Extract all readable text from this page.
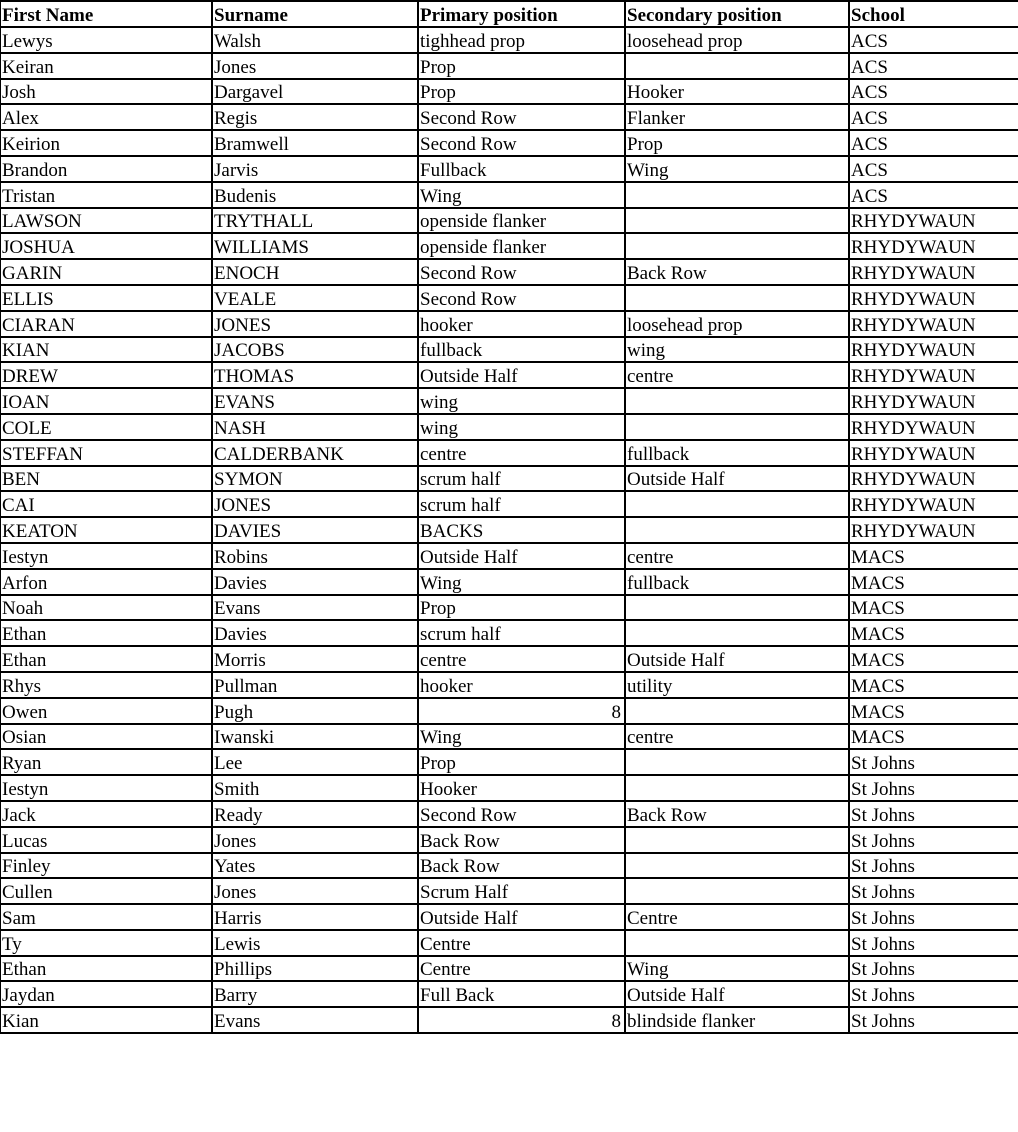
First Name	Surname	Primary position	Secondary position	School
Lewys	Walsh	tighhead prop	loosehead prop	ACS
Keiran	Jones	Prop		ACS
Josh	Dargavel	Prop	Hooker	ACS
Alex	Regis	Second Row	Flanker	ACS
Keirion	Bramwell	Second Row	Prop	ACS
Brandon	Jarvis	Fullback	Wing	ACS
Tristan	Budenis	Wing		ACS
LAWSON	TRYTHALL	openside flanker		RHYDYWAUN
JOSHUA	WILLIAMS	openside flanker		RHYDYWAUN
GARIN	ENOCH	Second Row	Back Row	RHYDYWAUN
ELLIS	VEALE	Second Row		RHYDYWAUN
CIARAN	JONES	hooker	loosehead prop	RHYDYWAUN
KIAN	JACOBS	fullback	wing	RHYDYWAUN
DREW	THOMAS	Outside Half	centre	RHYDYWAUN
IOAN	EVANS	wing		RHYDYWAUN
COLE	NASH	wing		RHYDYWAUN
STEFFAN	CALDERBANK	centre	fullback	RHYDYWAUN
BEN	SYMON	scrum half	Outside Half	RHYDYWAUN
CAI	JONES	scrum half		RHYDYWAUN
KEATON	DAVIES	BACKS		RHYDYWAUN
Iestyn	Robins	Outside Half	centre	MACS
Arfon	Davies	Wing	fullback	MACS
Noah	Evans	Prop		MACS
Ethan	Davies	scrum half		MACS
Ethan	Morris	centre	Outside Half	MACS
Rhys	Pullman	hooker	utility	MACS
Owen	Pugh	8		MACS
Osian	Iwanski	Wing	centre	MACS
Ryan	Lee	Prop		St Johns
Iestyn	Smith	Hooker		St Johns
Jack	Ready	Second Row	Back Row	St Johns
Lucas	Jones	Back Row		St Johns
Finley	Yates	Back Row		St Johns
Cullen	Jones	Scrum Half		St Johns
Sam	Harris	Outside Half	Centre	St Johns
Ty	Lewis	Centre		St Johns
Ethan	Phillips	Centre	Wing	St Johns
Jaydan	Barry	Full Back	Outside Half	St Johns
Kian	Evans	8	blindside flanker	St Johns
